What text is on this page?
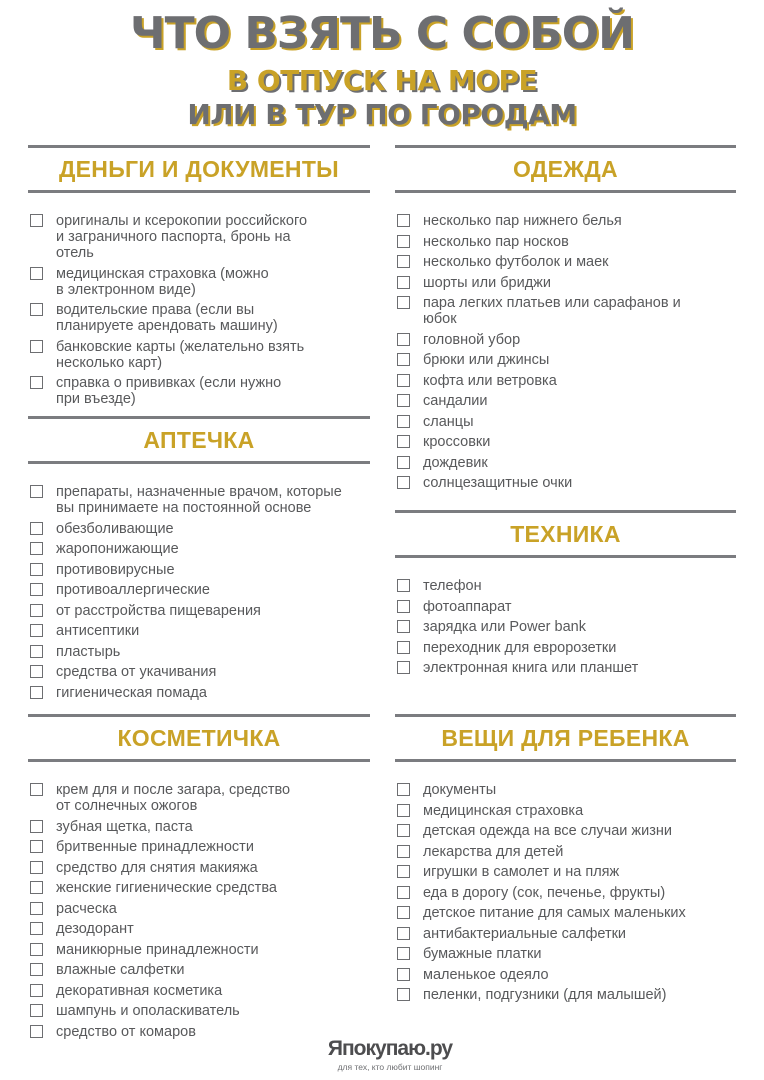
ЧТО ВЗЯТЬ С СОБОЙ
В ОТПУСК НА МОРЕ
ИЛИ В ТУР ПО ГОРОДАМ
ДЕНЬГИ И ДОКУМЕНТЫ
оригиналы и ксерокопии российского
и заграничного паспорта, бронь на
отель
медицинская страховка (можно
в электронном виде)
водительские права (если вы
планируете арендовать машину)
банковские карты (желательно взять
несколько карт)
справка о прививках (если нужно
при въезде)
АПТЕЧКА
препараты, назначенные врачом, которые
вы принимаете на постоянной основе
обезболивающие
жаропонижающие
противовирусные
противоаллергические
от расстройства пищеварения
антисептики
пластырь
средства от укачивания
гигиеническая помада
КОСМЕТИЧКА
крем для и после загара, средство
от солнечных ожогов
зубная щетка, паста
бритвенные принадлежности
средство для снятия макияжа
женские гигиенические средства
расческа
дезодорант
маникюрные принадлежности
влажные салфетки
декоративная косметика
шампунь и ополаскиватель
средство от комаров
ОДЕЖДА
несколько пар нижнего белья
несколько пар носков
несколько футболок и маек
шорты или бриджи
пара легких платьев или сарафанов и
юбок
головной убор
брюки или джинсы
кофта или ветровка
сандалии
сланцы
кроссовки
дождевик
солнцезащитные очки
ТЕХНИКА
телефон
фотоаппарат
зарядка или Power bank
переходник для евророзетки
электронная книга или планшет
ВЕЩИ ДЛЯ РЕБЕНКА
документы
медицинская страховка
детская одежда на все случаи жизни
лекарства для детей
игрушки в самолет и на пляж
еда в дорогу (сок, печенье, фрукты)
детское питание для самых маленьких
антибактериальные салфетки
бумажные платки
маленькое одеяло
пеленки, подгузники (для малышей)
Япокупаю.ру
для тех, кто любит шопинг
